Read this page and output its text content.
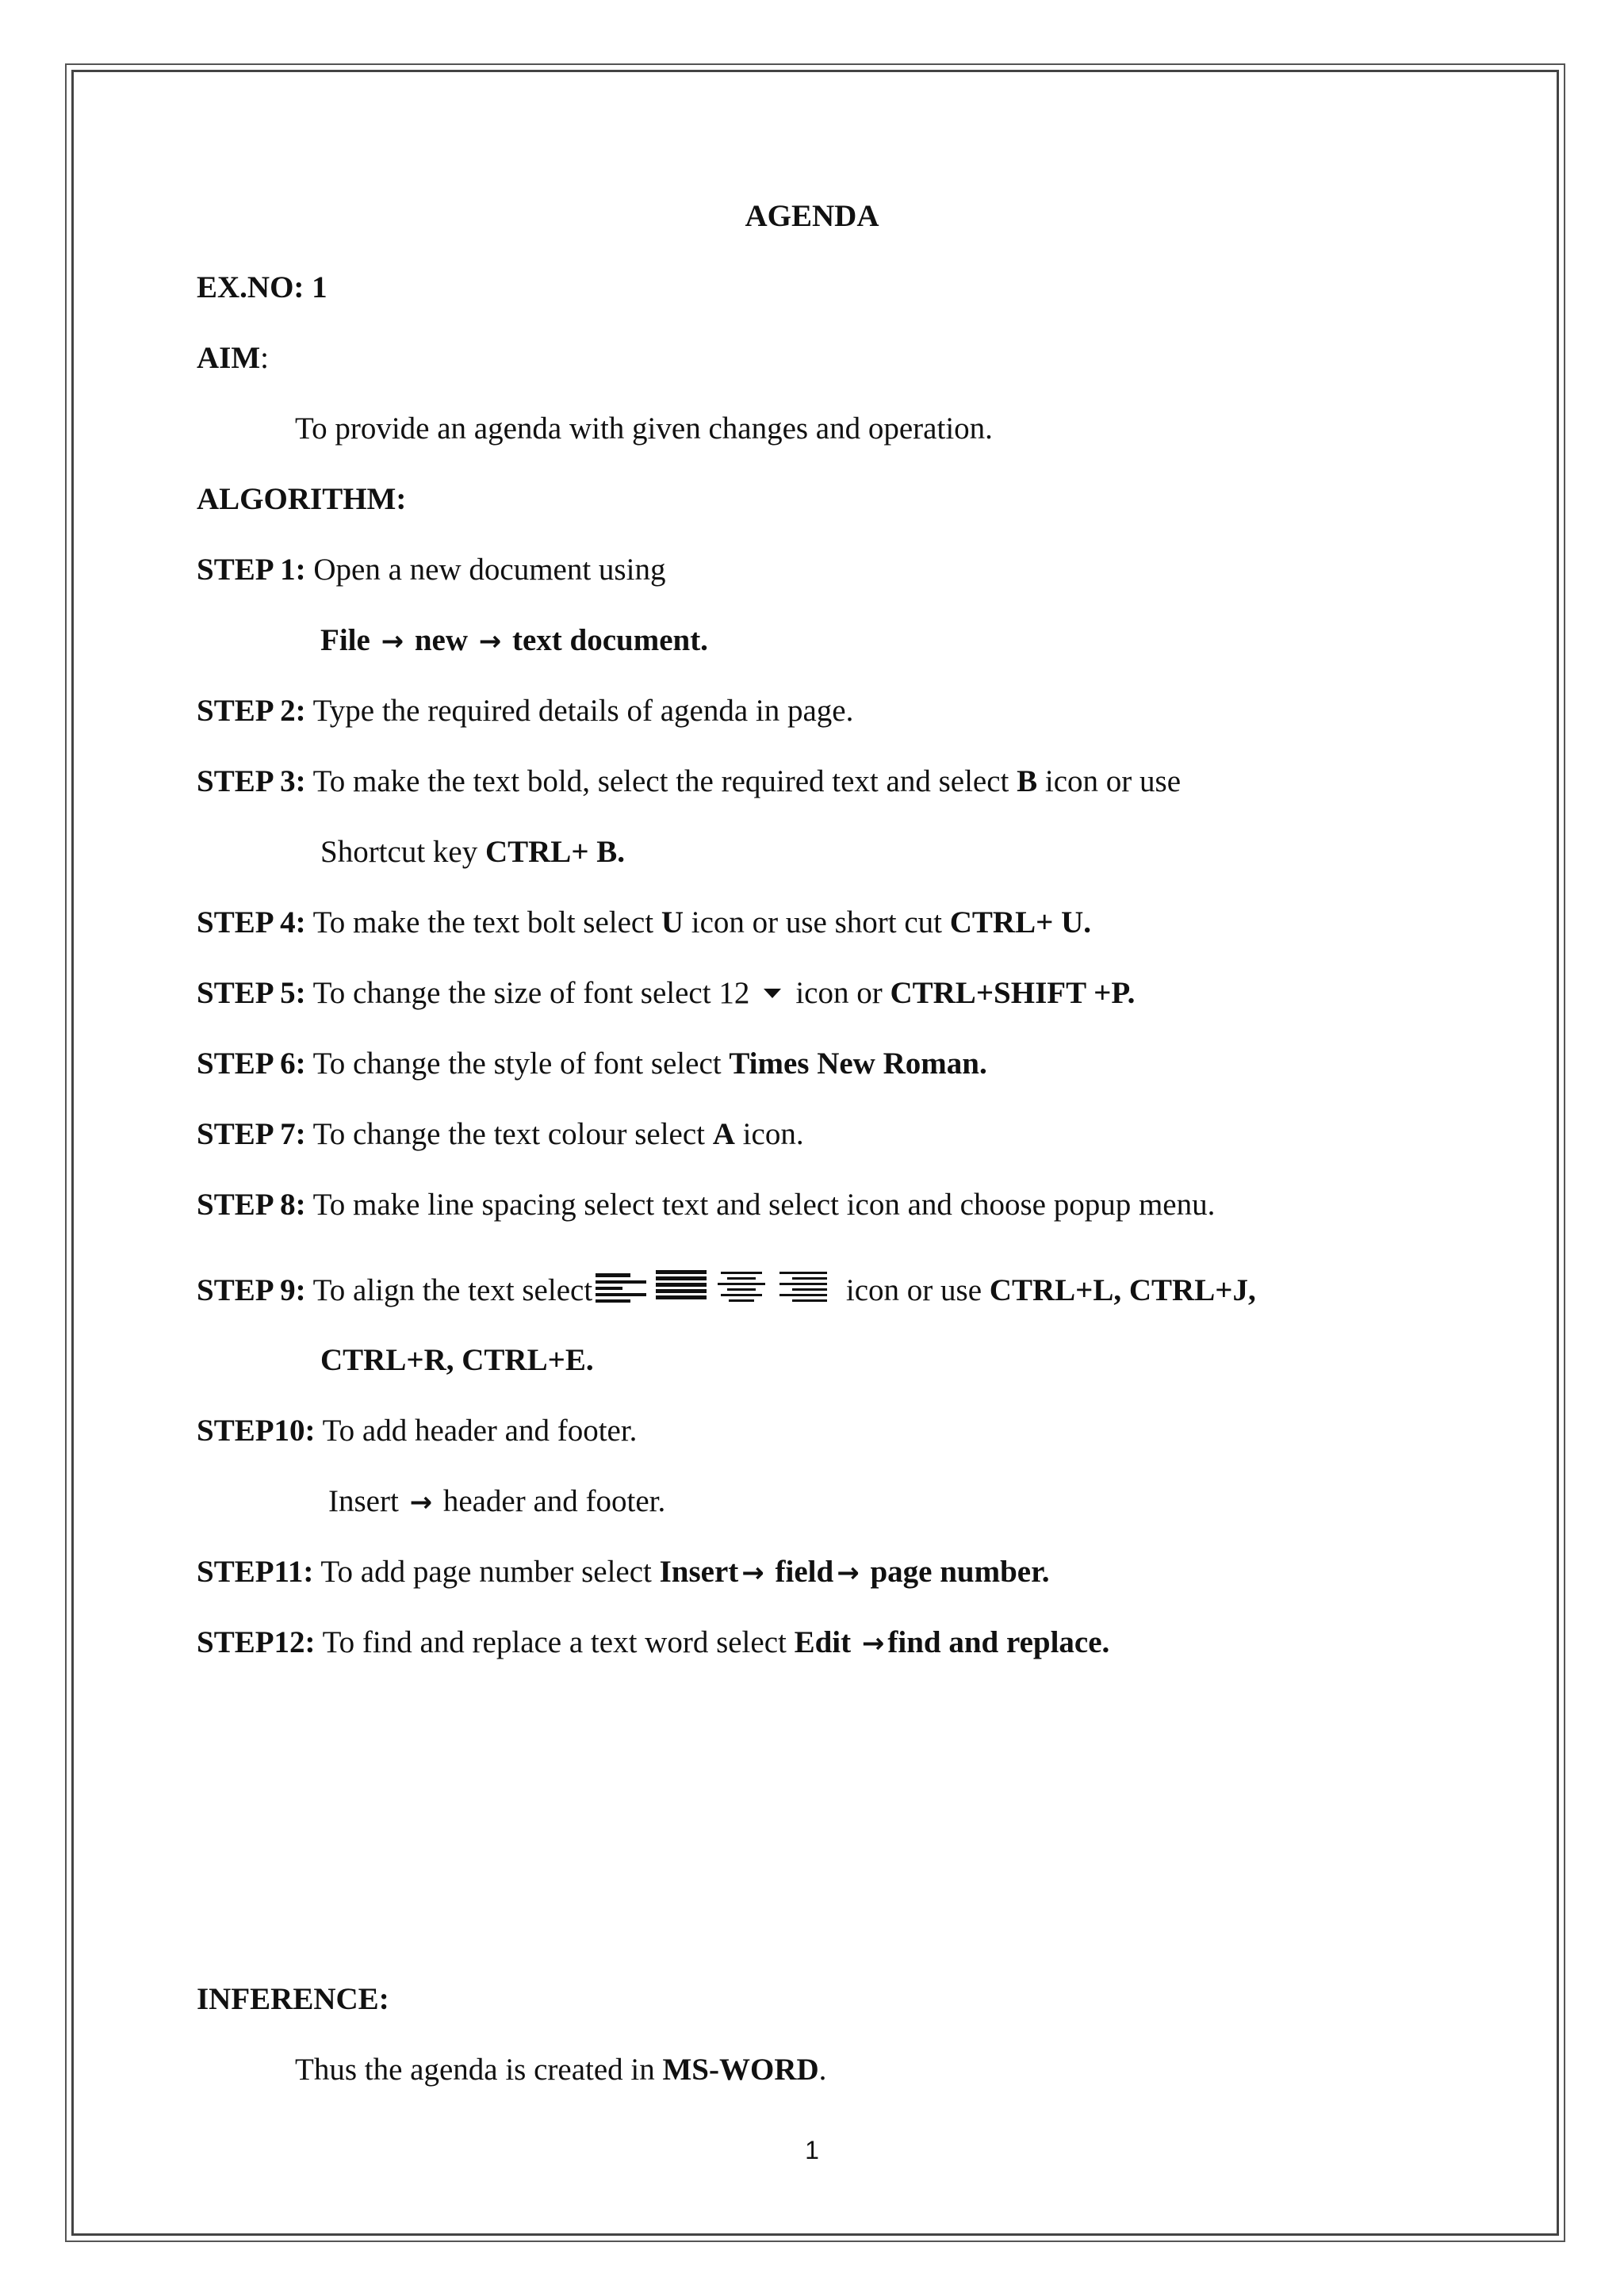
AGENDA
EX.NO: 1
AIM:
To provide an agenda with given changes and operation.
ALGORITHM:
STEP 1: Open a new document using
File → new → text document.
STEP 2: Type the required details of agenda in page.
STEP 3: To make the text bold, select the required text and select B icon or use
Shortcut key CTRL+ B.
STEP 4: To make the text bolt select U icon or use short cut CTRL+ U.
STEP 5: To change the size of font select 12 icon or CTRL+SHIFT +P.
STEP 6: To change the style of font select Times New Roman.
STEP 7: To change the text colour select A icon.
STEP 8: To make line spacing select text and select icon and choose popup menu.
STEP 9: To align the text select	icon or use CTRL+L, CTRL+J,
CTRL+R, CTRL+E.
STEP10: To add header and footer.
Insert → header and footer.
STEP11: To add page number select Insert → field → page number.
STEP12: To find and replace a text word select Edit → find and replace.
INFERENCE:
Thus the agenda is created in MS-WORD.
1
